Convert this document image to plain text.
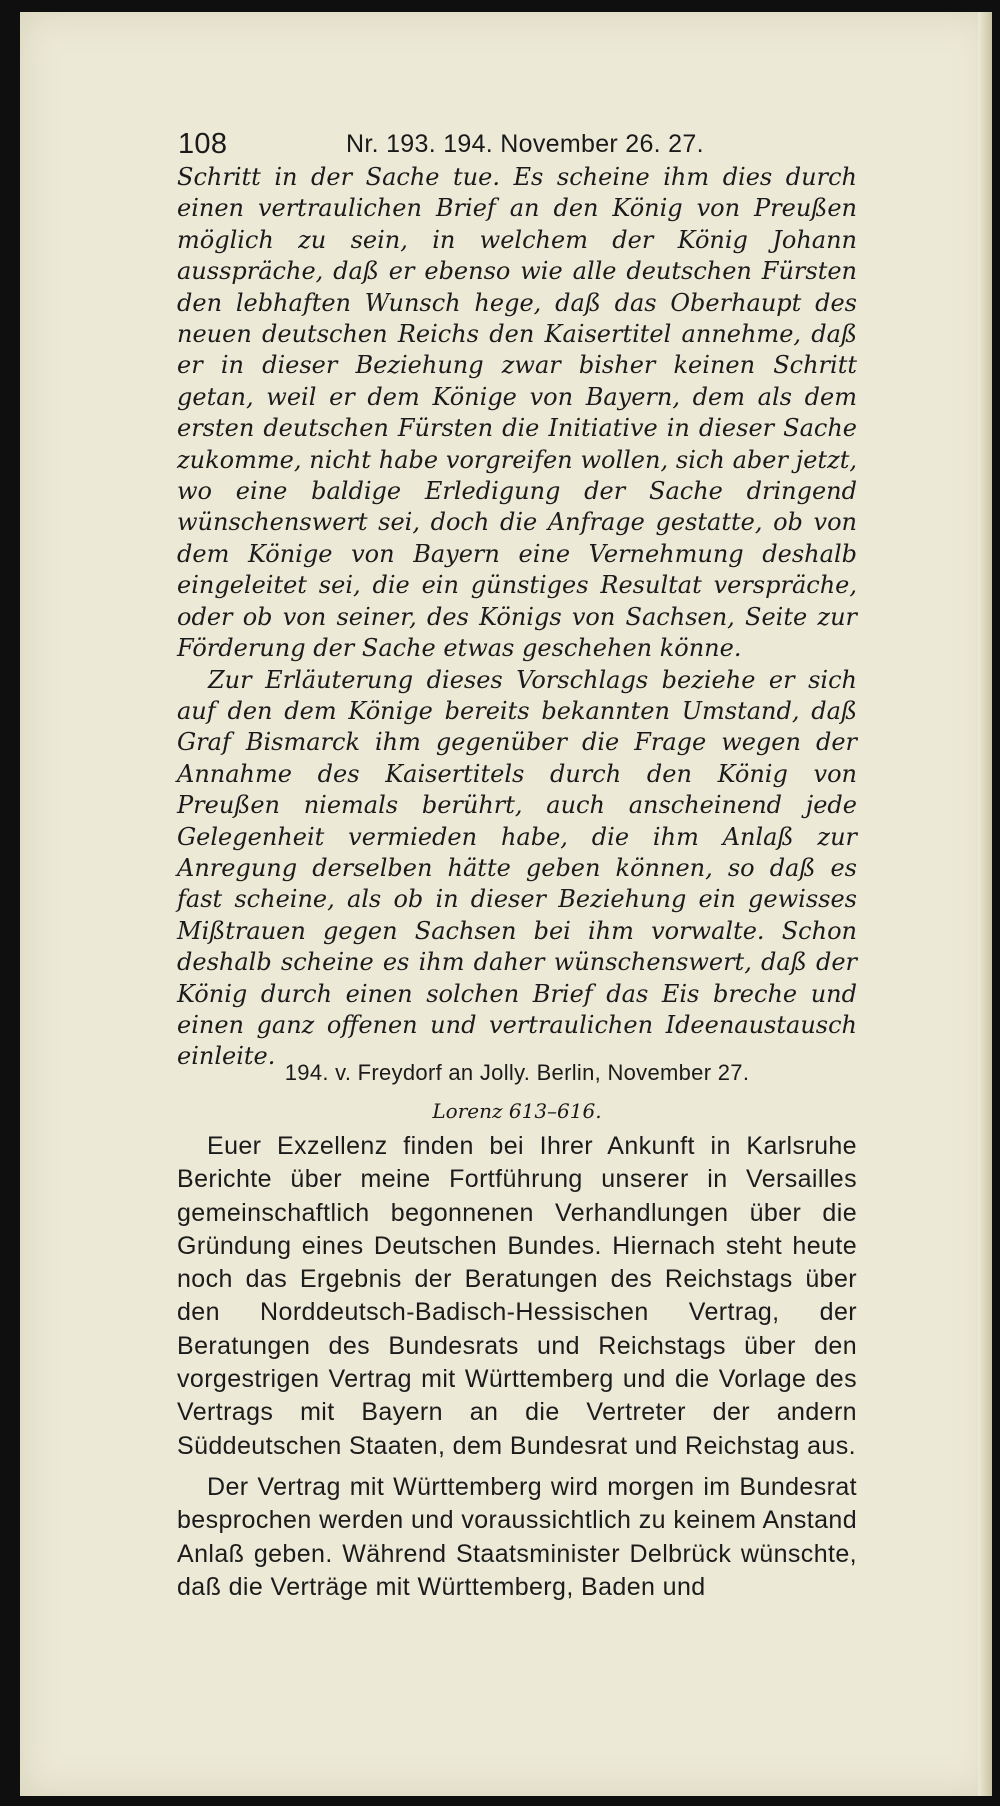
108	Nr. 193. 194. November 26. 27.

Schritt in der Sache tue. Es scheine ihm dies durch einen vertraulichen Brief an den König von Preußen möglich zu sein, in welchem der König Johann ausspräche, daß er ebenso wie alle deutschen Fürsten den lebhaften Wunsch hege, daß das Oberhaupt des neuen deutschen Reichs den Kaisertitel annehme, daß er in dieser Beziehung zwar bisher keinen Schritt getan, weil er dem Könige von Bayern, dem als dem ersten deutschen Fürsten die Initiative in dieser Sache zukomme, nicht habe vorgreifen wollen, sich aber jetzt, wo eine baldige Erledigung der Sache dringend wünschenswert sei, doch die Anfrage gestatte, ob von dem Könige von Bayern eine Vernehmung deshalb eingeleitet sei, die ein günstiges Resultat verspräche, oder ob von seiner, des Königs von Sachsen, Seite zur Förderung der Sache etwas geschehen könne.

Zur Erläuterung dieses Vorschlags beziehe er sich auf den dem Könige bereits bekannten Umstand, daß Graf Bismarck ihm gegenüber die Frage wegen der Annahme des Kaisertitels durch den König von Preußen niemals berührt, auch anscheinend jede Gelegenheit vermieden habe, die ihm Anlaß zur Anregung derselben hätte geben können, so daß es fast scheine, als ob in dieser Beziehung ein gewisses Mißtrauen gegen Sachsen bei ihm vorwalte. Schon deshalb scheine es ihm daher wünschenswert, daß der König durch einen solchen Brief das Eis breche und einen ganz offenen und vertraulichen Ideenaustausch einleite.

194. v. Freydorf an Jolly. Berlin, November 27.
Lorenz 613–616.

Euer Exzellenz finden bei Ihrer Ankunft in Karlsruhe Berichte über meine Fortführung unserer in Versailles gemeinschaftlich begonnenen Verhandlungen über die Gründung eines Deutschen Bundes. Hiernach steht heute noch das Ergebnis der Beratungen des Reichstags über den Norddeutsch-Badisch-Hessischen Vertrag, der Beratungen des Bundesrats und Reichstags über den vorgestrigen Vertrag mit Württemberg und die Vorlage des Vertrags mit Bayern an die Vertreter der andern Süddeutschen Staaten, dem Bundesrat und Reichstag aus.

Der Vertrag mit Württemberg wird morgen im Bundesrat besprochen werden und voraussichtlich zu keinem Anstand Anlaß geben. Während Staatsminister Delbrück wünschte, daß die Verträge mit Württemberg, Baden und
